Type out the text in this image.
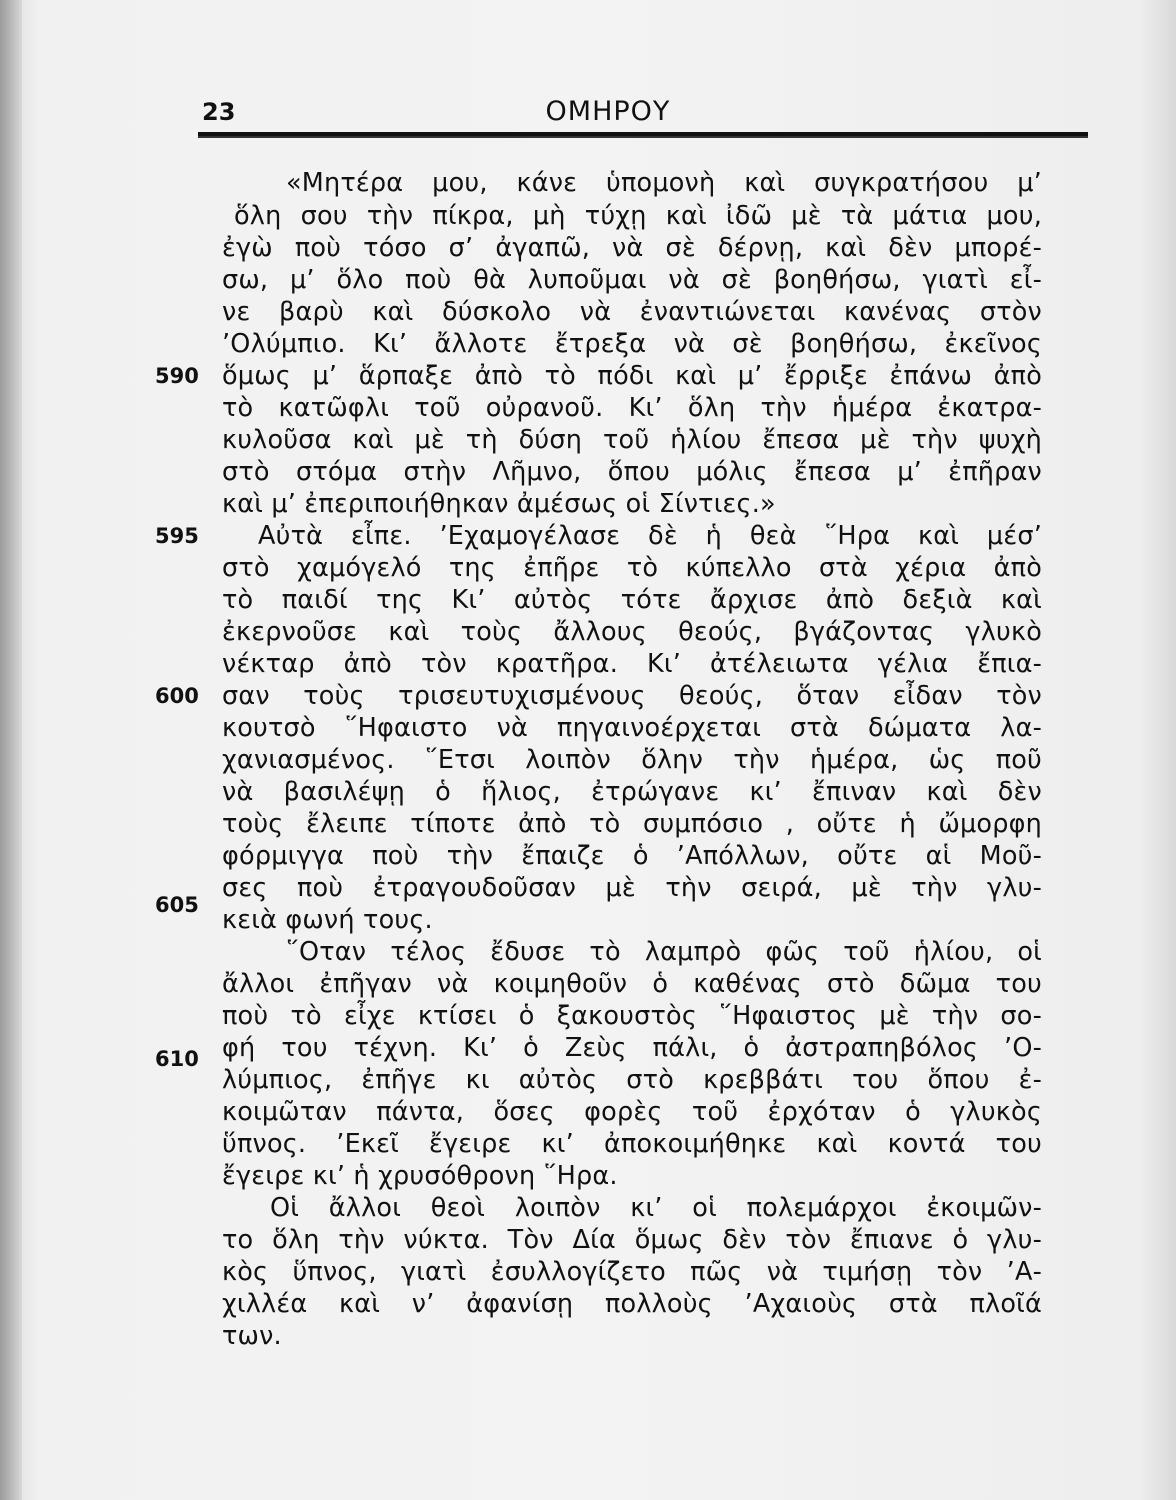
23	ΟΜΗΡΟΥ
«Μητέρα μου, κάνε ὑπομονὴ καὶ συγκρατήσου μ’
ὅλη σου τὴν πίκρα, μὴ τύχῃ καὶ ἰδῶ μὲ τὰ μάτια μου,
ἐγὼ ποὺ τόσο σ’ ἀγαπῶ, νὰ σὲ δέρνῃ, καὶ δὲν μπορέ-
σω, μ’ ὅλο ποὺ θὰ λυποῦμαι νὰ σὲ βοηθήσω, γιατὶ εἶ-
νε βαρὺ καὶ δύσκολο νὰ ἐναντιώνεται κανένας στὸν
’Ολύμπιο. Κι’ ἄλλοτε ἔτρεξα νὰ σὲ βοηθήσω, ἐκεῖνος
ὅμως μ’ ἅρπαξε ἀπὸ τὸ πόδι καὶ μ’ ἔρριξε ἐπάνω ἀπὸ
τὸ κατῶφλι τοῦ οὐρανοῦ. Κι’ ὅλη τὴν ἡμέρα ἐκατρα-
κυλοῦσα καὶ μὲ τὴ δύση τοῦ ἡλίου ἔπεσα μὲ τὴν ψυχὴ
στὸ στόμα στὴν Λῆμνο, ὅπου μόλις ἔπεσα μ’ ἐπῆραν
καὶ μ’ ἐπεριποιήθηκαν ἀμέσως οἱ Σίντιες.»
Αὐτὰ εἶπε. ’Εχαμογέλασε δὲ ἡ θεὰ ῞Ηρα καὶ μέσ’
στὸ χαμόγελό της ἐπῆρε τὸ κύπελλο στὰ χέρια ἀπὸ
τὸ παιδί της Κι’ αὐτὸς τότε ἄρχισε ἀπὸ δεξιὰ καὶ
ἐκερνοῦσε καὶ τοὺς ἄλλους θεούς, βγάζοντας γλυκὸ
νέκταρ ἀπὸ τὸν κρατῆρα. Κι’ ἀτέλειωτα γέλια ἔπια-
σαν τοὺς τρισευτυχισμένους θεούς, ὅταν εἶδαν τὸν
κουτσὸ ῞Ηφαιστο νὰ πηγαινοέρχεται στὰ δώματα λα-
χανιασμένος. ῞Ετσι λοιπὸν ὅλην τὴν ἡμέρα, ὡς ποῦ
νὰ βασιλέψῃ ὁ ἥλιος, ἐτρώγανε κι’ ἔπιναν καὶ δὲν
τοὺς ἔλειπε τίποτε ἀπὸ τὸ συμπόσιο , οὔτε ἡ ὤμορφη
φόρμιγγα ποὺ τὴν ἔπαιζε ὁ ’Απόλλων, οὔτε αἱ Μοῦ-
σες ποὺ ἐτραγουδοῦσαν μὲ τὴν σειρά, μὲ τὴν γλυ-
κειὰ φωνή τους.
῞Οταν τέλος ἔδυσε τὸ λαμπρὸ φῶς τοῦ ἡλίου, οἱ
ἄλλοι ἐπῆγαν νὰ κοιμηθοῦν ὁ καθένας στὸ δῶμα του
ποὺ τὸ εἶχε κτίσει ὁ ξακουστὸς ῞Ηφαιστος μὲ τὴν σο-
φή του τέχνη. Κι’ ὁ Ζεὺς πάλι, ὁ ἀστραπηβόλος ’Ο-
λύμπιος, ἐπῆγε κι αὐτὸς στὸ κρεββάτι του ὅπου ἐ-
κοιμῶταν πάντα, ὅσες φορὲς τοῦ ἐρχόταν ὁ γλυκὸς
ὕπνος. ’Εκεῖ ἔγειρε κι’ ἀποκοιμήθηκε καὶ κοντά του
ἔγειρε κι’ ἡ χρυσόθρονη ῞Ηρα.
Οἱ ἄλλοι θεοὶ λοιπὸν κι’ οἱ πολεμάρχοι ἐκοιμῶν-
το ὅλη τὴν νύκτα. Τὸν Δία ὅμως δὲν τὸν ἔπιανε ὁ γλυ-
κὸς ὕπνος, γιατὶ ἐσυλλογίζετο πῶς νὰ τιμήσῃ τὸν ’Α-
χιλλέα καὶ ν’ ἀφανίσῃ πολλοὺς ’Αχαιοὺς στὰ πλοῖά
των.
590
595
600
605
610
